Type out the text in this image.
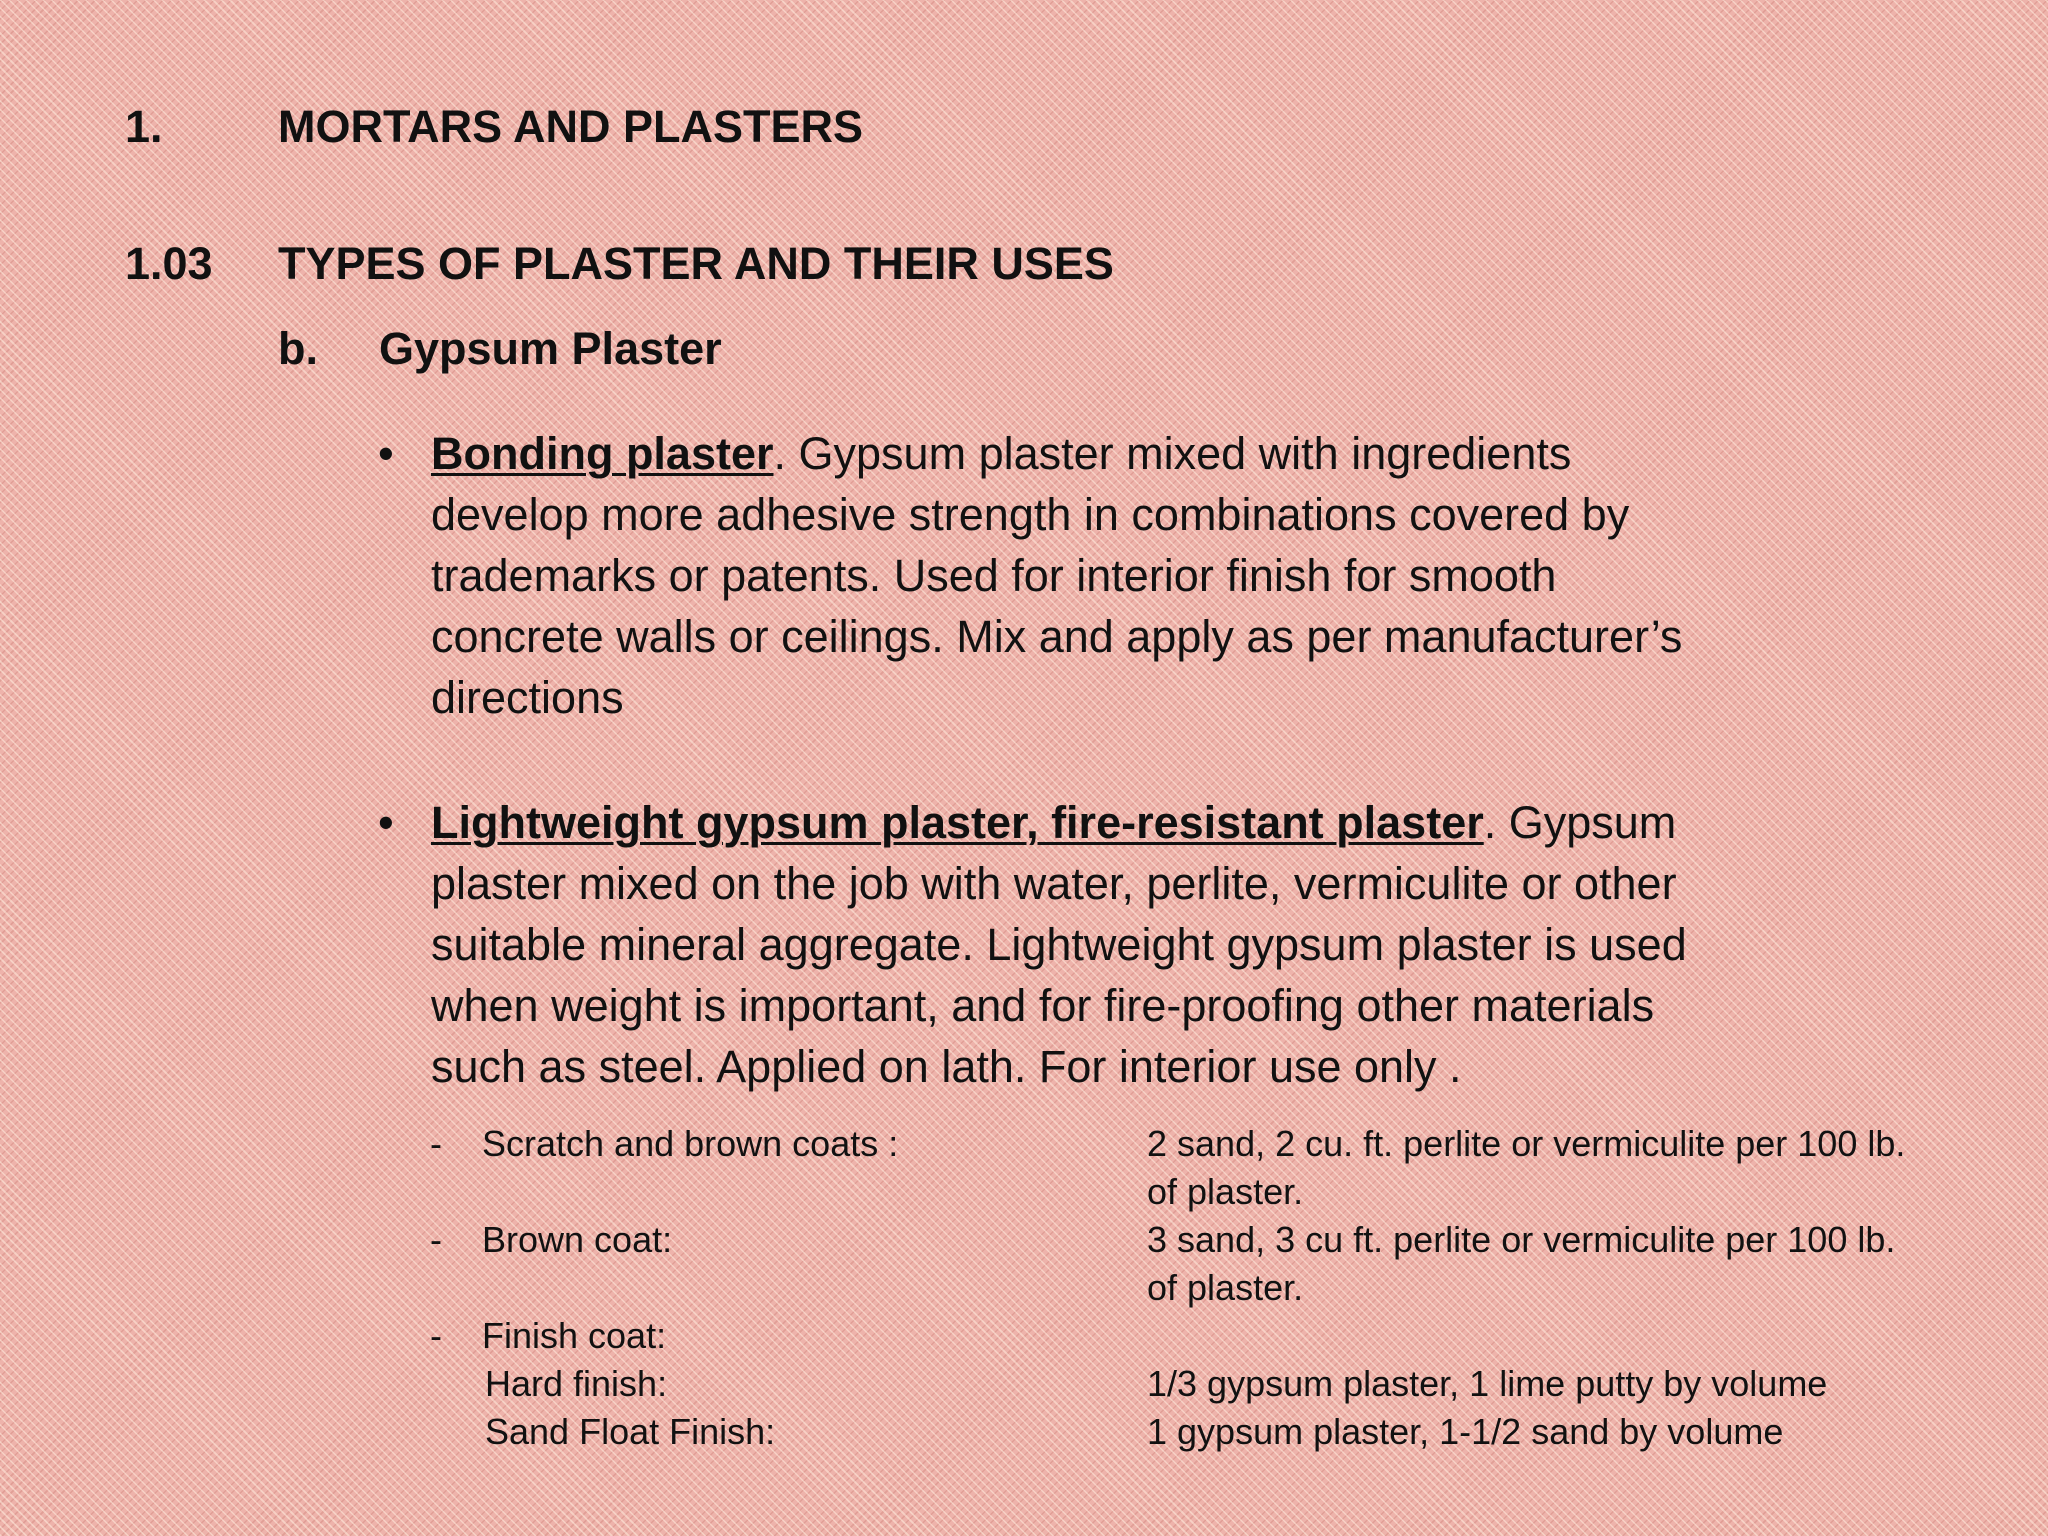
1.	MORTARS AND PLASTERS
1.03 TYPES OF PLASTER AND THEIR USES
b. Gypsum Plaster
• Bonding plaster. Gypsum plaster mixed with ingredients
develop more adhesive strength in combinations covered by
trademarks or patents. Used for interior finish for smooth
concrete walls or ceilings. Mix and apply as per manufacturer’s
directions
• Lightweight gypsum plaster, fire-resistant plaster. Gypsum
plaster mixed on the job with water, perlite, vermiculite or other
suitable mineral aggregate. Lightweight gypsum plaster is used
when weight is important, and for fire-proofing other materials
such as steel. Applied on lath. For interior use only .
- Scratch and brown coats :	2 sand, 2 cu. ft. perlite or vermiculite per 100 lb.
of plaster.
- Brown coat:	3 sand, 3 cu ft. perlite or vermiculite per 100 lb.
of plaster.
- Finish coat:
Hard finish:	1/3 gypsum plaster, 1 lime putty by volume
Sand Float Finish:	1 gypsum plaster, 1-1/2 sand by volume
